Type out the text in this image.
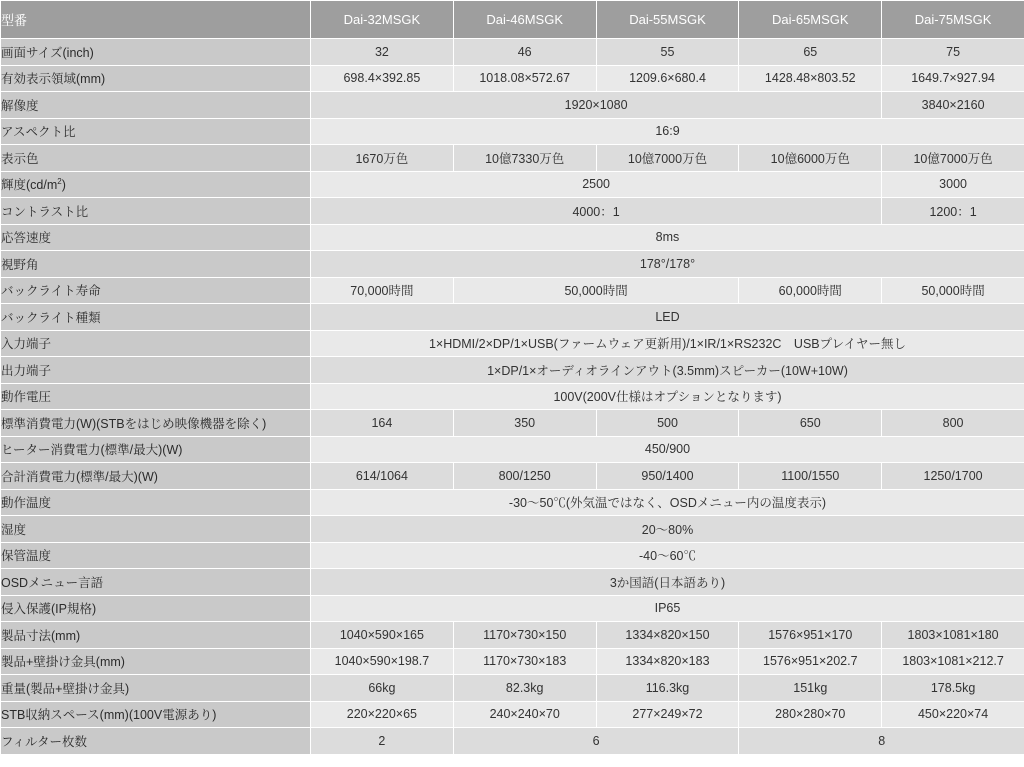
型番	Dai-32MSGK	Dai-46MSGK	Dai-55MSGK	Dai-65MSGK	Dai-75MSGK
画面サイズ(inch)	32	46	55	65	75
有効表示領域(mm)	698.4×392.85	1018.08×572.67	1209.6×680.4	1428.48×803.52	1649.7×927.94
解像度	1920×1080				3840×2160
アスペクト比	16:9				
表示色	1670万色	10億7330万色	10億7000万色	10億6000万色	10億7000万色
輝度$(cd/m^2)$	2500				3000
コントラスト比	4000：1				1200：1
応答速度	8ms				
視野角	178°/178°				
バックライト寿命	70,000時間	50,000時間		60,000時間	50,000時間
バックライト種類	LED				
入力端子	1×HDMI/2×DP/1×USB(ファームウェア更新用)/1×IR/1×RS232C　USBプレイヤー無し				
出力端子	1×DP/1×オーディオラインアウト(3.5mm)スピーカー(10W+10W)				
動作電圧	100V(200V仕様はオプションとなります)				
標準消費電力(W)(STBをはじめ映像機器を除く)	164	350	500	650	800
ヒーター消費電力(標準/最大)(W)	450/900				
合計消費電力(標準/最大)(W)	614/1064	800/1250	950/1400	1100/1550	1250/1700
動作温度	-30〜50℃(外気温ではなく、OSDメニュー内の温度表示)				
湿度	20〜80%				
保管温度	-40〜60℃				
OSDメニュー言語	3か国語(日本語あり)				
侵入保護(IP規格)	IP65				
製品寸法(mm)	1040×590×165	1170×730×150	1334×820×150	1576×951×170	1803×1081×180
製品+壁掛け金具(mm)	1040×590×198.7	1170×730×183	1334×820×183	1576×951×202.7	1803×1081×212.7
重量(製品+壁掛け金具)	66kg	82.3kg	116.3kg	151kg	178.5kg
STB収納スペース(mm)(100V電源あり)	220×220×65	240×240×70	277×249×72	280×280×70	450×220×74
フィルター枚数	2	6		8	
